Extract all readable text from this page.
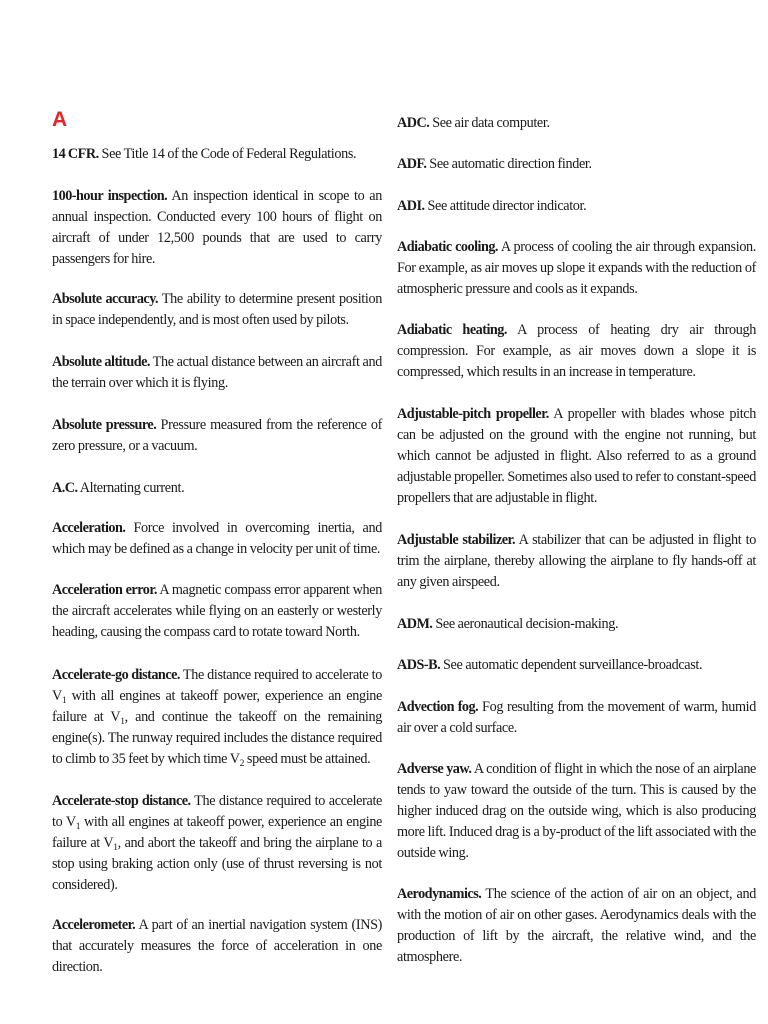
A
14 CFR. See Title 14 of the Code of Federal Regulations.
100-hour inspection. An inspection identical in scope to an annual inspection. Conducted every 100 hours of flight on aircraft of under 12,500 pounds that are used to carry passengers for hire.
Absolute accuracy. The ability to determine present position in space independently, and is most often used by pilots.
Absolute altitude. The actual distance between an aircraft and the terrain over which it is flying.
Absolute pressure. Pressure measured from the reference of zero pressure, or a vacuum.
A.C. Alternating current.
Acceleration. Force involved in overcoming inertia, and which may be defined as a change in velocity per unit of time.
Acceleration error. A magnetic compass error apparent when the aircraft accelerates while flying on an easterly or westerly heading, causing the compass card to rotate toward North.
Accelerate-go distance. The distance required to accelerate to $V_1$ with all engines at takeoff power, experience an engine failure at $V_1$, and continue the takeoff on the remaining engine(s). The runway required includes the distance required to climb to 35 feet by which time $V_2$ speed must be attained.
Accelerate-stop distance. The distance required to accelerate to $V_1$ with all engines at takeoff power, experience an engine failure at $V_1$, and abort the takeoff and bring the airplane to a stop using braking action only (use of thrust reversing is not considered).
Accelerometer. A part of an inertial navigation system (INS) that accurately measures the force of acceleration in one direction.
ADC. See air data computer.
ADF. See automatic direction finder.
ADI. See attitude director indicator.
Adiabatic cooling. A process of cooling the air through expansion. For example, as air moves up slope it expands with the reduction of atmospheric pressure and cools as it expands.
Adiabatic heating. A process of heating dry air through compression. For example, as air moves down a slope it is compressed, which results in an increase in temperature.
Adjustable-pitch propeller. A propeller with blades whose pitch can be adjusted on the ground with the engine not running, but which cannot be adjusted in flight. Also referred to as a ground adjustable propeller. Sometimes also used to refer to constant-speed propellers that are adjustable in flight.
Adjustable stabilizer. A stabilizer that can be adjusted in flight to trim the airplane, thereby allowing the airplane to fly hands-off at any given airspeed.
ADM. See aeronautical decision-making.
ADS-B. See automatic dependent surveillance-broadcast.
Advection fog. Fog resulting from the movement of warm, humid air over a cold surface.
Adverse yaw. A condition of flight in which the nose of an airplane tends to yaw toward the outside of the turn. This is caused by the higher induced drag on the outside wing, which is also producing more lift. Induced drag is a by-product of the lift associated with the outside wing.
Aerodynamics. The science of the action of air on an object, and with the motion of air on other gases. Aerodynamics deals with the production of lift by the aircraft, the relative wind, and the atmosphere.
